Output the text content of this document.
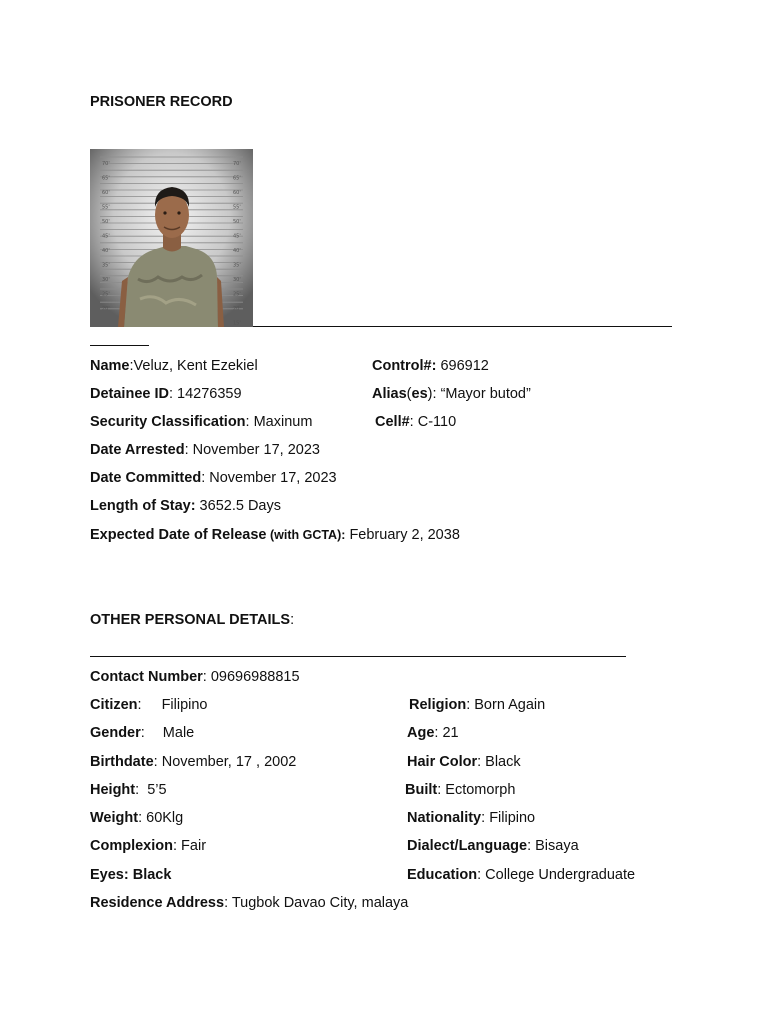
PRISONER RECORD
70'
65'
60'
55'
50'
45'
40'
35'
30'
25'
20'
70'
65'
60'
55'
50'
45'
40'
35'
30'
25'
20'
15'
Name:Veluz, Kent Ezekiel	Control#: 696912
Detainee ID: 14276359	Alias(es): “Mayor butod”
Security Classification: Maxinum	Cell#: C-110
Date Arrested: November 17, 2023
Date Committed: November 17, 2023
Length of Stay: 3652.5 Days
Expected Date of Release (with GCTA): February 2, 2038
OTHER PERSONAL DETAILS:
Contact Number: 09696988815
Citizen: Filipino	Religion: Born Again
Gender: Male	Age: 21
Birthdate: November, 17 , 2002	Hair Color: Black
Height:  5’5	Built: Ectomorph
Weight: 60Klg	Nationality: Filipino
Complexion: Fair	Dialect/Language: Bisaya
Eyes: Black	Education: College Undergraduate
Residence Address: Tugbok Davao City, malaya
